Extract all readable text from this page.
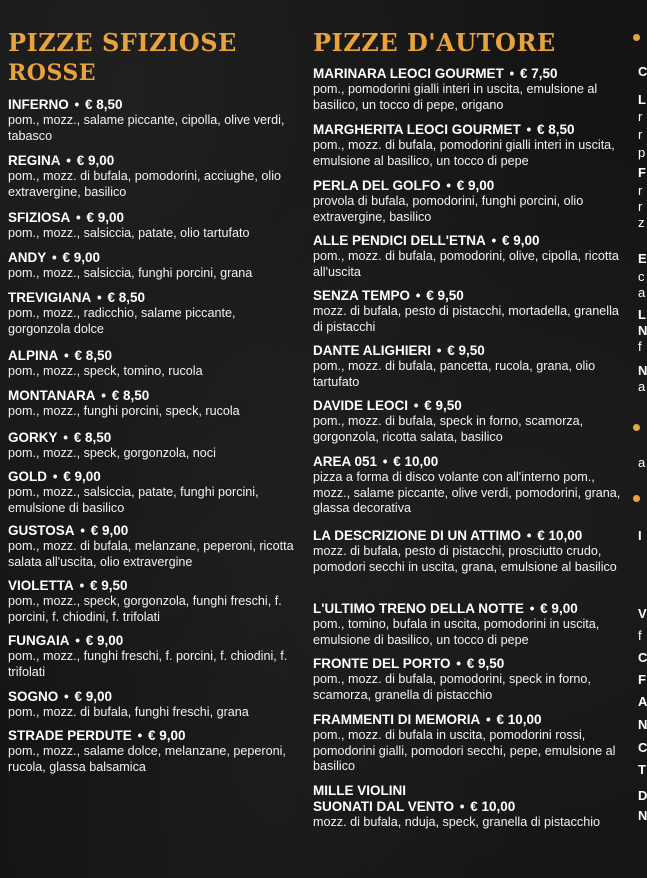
PIZZE SFIZIOSE
ROSSE
INFERNO • € 8,50
pom., mozz., salame piccante, cipolla, olive verdi, tabasco
REGINA • € 9,00
pom., mozz. di bufala, pomodorini, acciughe, olio extravergine, basilico
SFIZIOSA • € 9,00
pom., mozz., salsiccia, patate, olio tartufato
ANDY • € 9,00
pom., mozz., salsiccia, funghi porcini, grana
TREVIGIANA • € 8,50
pom., mozz., radicchio, salame piccante, gorgonzola dolce
ALPINA • € 8,50
pom., mozz., speck, tomino, rucola
MONTANARA • € 8,50
pom., mozz., funghi porcini, speck, rucola
GORKY • € 8,50
pom., mozz., speck, gorgonzola, noci
GOLD • € 9,00
pom., mozz., salsiccia, patate, funghi porcini, emulsione di basilico
GUSTOSA • € 9,00
pom., mozz. di bufala, melanzane, peperoni, ricotta salata all'uscita, olio extravergine
VIOLETTA • € 9,50
pom., mozz., speck, gorgonzola, funghi freschi, f. porcini, f. chiodini, f. trifolati
FUNGAIA • € 9,00
pom., mozz., funghi freschi, f. porcini, f. chiodini, f. trifolati
SOGNO • € 9,00
pom., mozz. di bufala, funghi freschi, grana
STRADE PERDUTE • € 9,00
pom., mozz., salame dolce, melanzane, peperoni, rucola, glassa balsamica
PIZZE D'AUTORE
MARINARA LEOCI GOURMET • € 7,50
pom., pomodorini gialli interi in uscita, emulsione al basilico, un tocco di pepe, origano
MARGHERITA LEOCI GOURMET • € 8,50
pom., mozz. di bufala, pomodorini gialli interi in uscita, emulsione al basilico, un tocco di pepe
PERLA DEL GOLFO • € 9,00
provola di bufala, pomodorini, funghi porcini, olio extravergine, basilico
ALLE PENDICI DELL'ETNA • € 9,00
pom., mozz. di bufala, pomodorini, olive, cipolla, ricotta all'uscita
SENZA TEMPO • € 9,50
mozz. di bufala, pesto di pistacchi, mortadella, granella di pistacchi
DANTE ALIGHIERI • € 9,50
pom., mozz. di bufala, pancetta, rucola, grana, olio tartufato
DAVIDE LEOCI • € 9,50
pom., mozz. di bufala, speck in forno, scamorza, gorgonzola, ricotta salata, basilico
AREA 051 • € 10,00
pizza a forma di disco volante con all'interno pom., mozz., salame piccante, olive verdi, pomodorini, grana, glassa decorativa
LA DESCRIZIONE DI UN ATTIMO • € 10,00
mozz. di bufala, pesto di pistacchi, prosciutto crudo, pomodori secchi in uscita, grana, emulsione al basilico
L'ULTIMO TRENO DELLA NOTTE • € 9,00
pom., tomino, bufala in uscita, pomodorini in uscita, emulsione di basilico, un tocco di pepe
FRONTE DEL PORTO • € 9,50
pom., mozz. di bufala, pomodorini, speck in forno, scamorza, granella di pistacchio
FRAMMENTI DI MEMORIA • € 10,00
pom., mozz. di bufala in uscita, pomodorini rossi, pomodorini gialli, pomodori secchi, pepe, emulsione al basilico
MILLE VIOLINI
SUONATI DAL VENTO • € 10,00
mozz. di bufala, nduja, speck, granella di pistacchio
C
L
r
r
p
F
r
r
z
E
c
a
L
N
f
N
a
a
I
V
f
C
F
A
N
C
T
D
N
